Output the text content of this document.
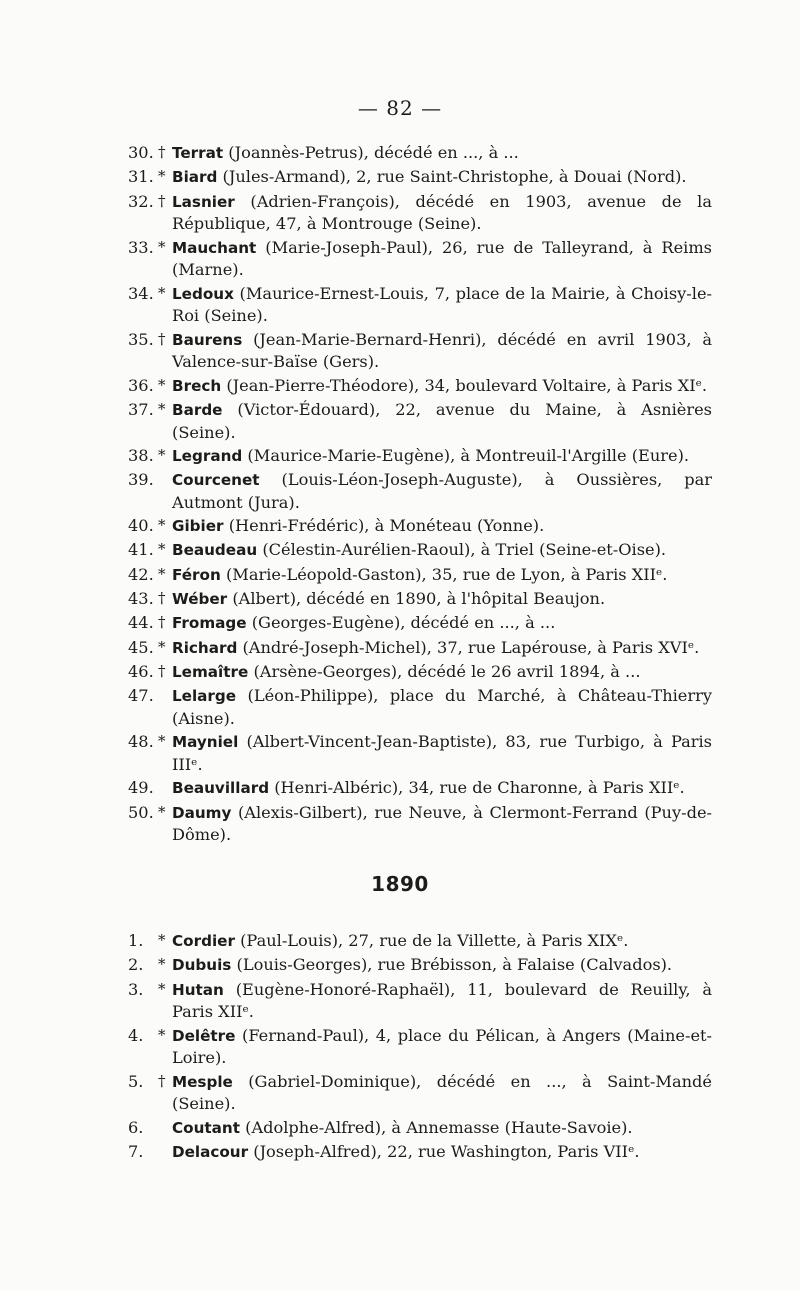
— 82 —
30. † Terrat (Joannès-Petrus), décédé en ..., à ...
31. * Biard (Jules-Armand), 2, rue Saint-Christophe, à Douai (Nord).
32. † Lasnier (Adrien-François), décédé en 1903, avenue de la République, 47, à Montrouge (Seine).
33. * Mauchant (Marie-Joseph-Paul), 26, rue de Talleyrand, à Reims (Marne).
34. * Ledoux (Maurice-Ernest-Louis, 7, place de la Mairie, à Choisy-le-Roi (Seine).
35. † Baurens (Jean-Marie-Bernard-Henri), décédé en avril 1903, à Valence-sur-Baïse (Gers).
36. * Brech (Jean-Pierre-Théodore), 34, boulevard Voltaire, à Paris XIᵉ.
37. * Barde (Victor-Édouard), 22, avenue du Maine, à Asnières (Seine).
38. * Legrand (Maurice-Marie-Eugène), à Montreuil-l'Argille (Eure).
39. Courcenet (Louis-Léon-Joseph-Auguste), à Oussières, par Autmont (Jura).
40. * Gibier (Henri-Frédéric), à Monéteau (Yonne).
41. * Beaudeau (Célestin-Aurélien-Raoul), à Triel (Seine-et-Oise).
42. * Féron (Marie-Léopold-Gaston), 35, rue de Lyon, à Paris XIIᵉ.
43. † Wéber (Albert), décédé en 1890, à l'hôpital Beaujon.
44. † Fromage (Georges-Eugène), décédé en ..., à ...
45. * Richard (André-Joseph-Michel), 37, rue Lapérouse, à Paris XVIᵉ.
46. † Lemaître (Arsène-Georges), décédé le 26 avril 1894, à ...
47. Lelarge (Léon-Philippe), place du Marché, à Château-Thierry (Aisne).
48. * Mayniel (Albert-Vincent-Jean-Baptiste), 83, rue Turbigo, à Paris IIIᵉ.
49. Beauvillard (Henri-Albéric), 34, rue de Charonne, à Paris XIIᵉ.
50. * Daumy (Alexis-Gilbert), rue Neuve, à Clermont-Ferrand (Puy-de-Dôme).
1890
1. * Cordier (Paul-Louis), 27, rue de la Villette, à Paris XIXᵉ.
2. * Dubuis (Louis-Georges), rue Brébisson, à Falaise (Calvados).
3. * Hutan (Eugène-Honoré-Raphaël), 11, boulevard de Reuilly, à Paris XIIᵉ.
4. * Delêtre (Fernand-Paul), 4, place du Pélican, à Angers (Maine-et-Loire).
5. † Mesple (Gabriel-Dominique), décédé en ..., à Saint-Mandé (Seine).
6.	Coutant (Adolphe-Alfred), à Annemasse (Haute-Savoie).
7.	Delacour (Joseph-Alfred), 22, rue Washington, Paris VIIᵉ.
